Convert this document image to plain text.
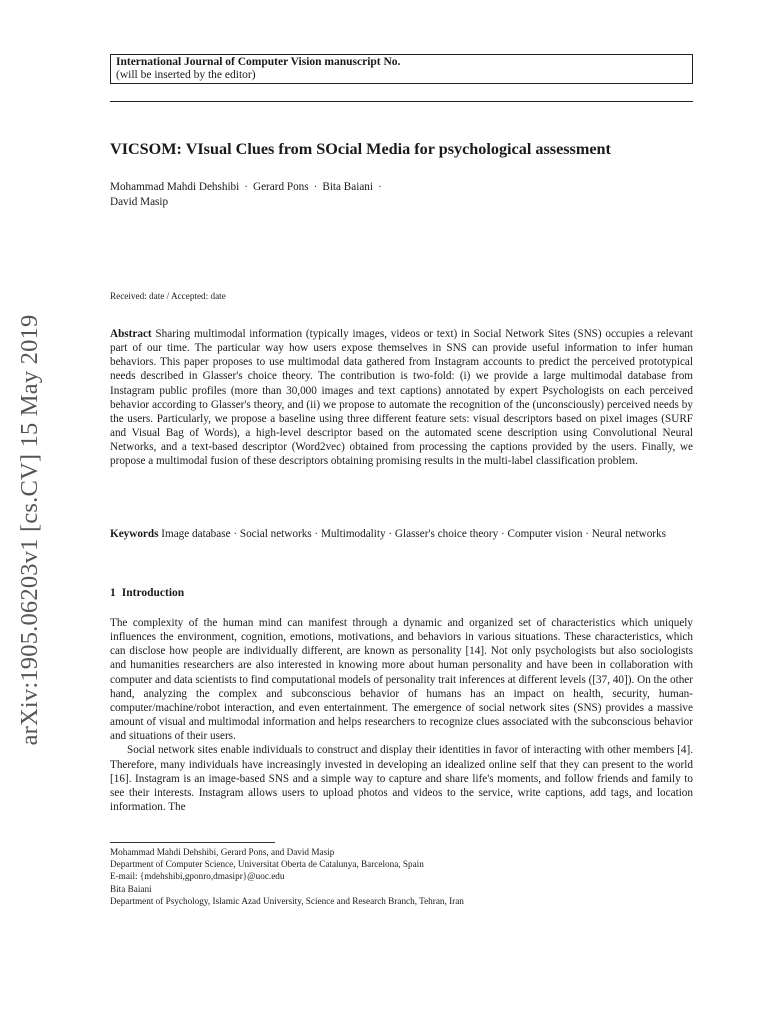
arXiv:1905.06203v1 [cs.CV] 15 May 2019
International Journal of Computer Vision manuscript No.
(will be inserted by the editor)
VICSOM: VIsual Clues from SOcial Media for psychological assessment
Mohammad Mahdi Dehshibi · Gerard Pons · Bita Baiani ·
David Masip
Received: date / Accepted: date
Abstract Sharing multimodal information (typically images, videos or text) in Social Network Sites (SNS) occupies a relevant part of our time. The particular way how users expose themselves in SNS can provide useful information to infer human behaviors. This paper proposes to use multimodal data gathered from Instagram accounts to predict the perceived prototypical needs described in Glasser's choice theory. The contribution is two-fold: (i) we provide a large multimodal database from Instagram public profiles (more than 30,000 images and text captions) annotated by expert Psychologists on each perceived behavior according to Glasser's theory, and (ii) we propose to automate the recognition of the (unconsciously) perceived needs by the users. Particularly, we propose a baseline using three different feature sets: visual descriptors based on pixel images (SURF and Visual Bag of Words), a high-level descriptor based on the automated scene description using Convolutional Neural Networks, and a text-based descriptor (Word2vec) obtained from processing the captions provided by the users. Finally, we propose a multimodal fusion of these descriptors obtaining promising results in the multi-label classification problem.
Keywords Image database · Social networks · Multimodality · Glasser's choice theory · Computer vision · Neural networks
1 Introduction

The complexity of the human mind can manifest through a dynamic and organized set of characteristics which uniquely influences the environment, cognition, emotions, motivations, and behaviors in various situations. These characteristics, which can disclose how people are individually different, are known as personality [14]. Not only psychologists but also sociologists and humanities researchers are also interested in knowing more about human personality and have been in collaboration with computer and data scientists to find computational models of personality trait inferences at different levels ([37, 40]). On the other hand, analyzing the complex and subconscious behavior of humans has an impact on health, security, human-computer/machine/robot interaction, and even entertainment. The emergence of social network sites (SNS) provides a massive amount of visual and multimodal information and helps researchers to recognize clues associated with the subconscious behavior and situations of their users.

Social network sites enable individuals to construct and display their identities in favor of interacting with other members [4]. Therefore, many individuals have increasingly invested in developing an idealized online self that they can present to the world [16]. Instagram is an image-based SNS and a simple way to capture and share life's moments, and follow friends and family to see their interests. Instagram allows users to upload photos and videos to the service, write captions, add tags, and location information. The

Mohammad Mahdi Dehshibi, Gerard Pons, and David Masip
Department of Computer Science, Universitat Oberta de Catalunya, Barcelona, Spain
E-mail: {mdehshibi,gponro,dmasipr}@uoc.edu
Bita Baiani
Department of Psychology, Islamic Azad University, Science and Research Branch, Tehran, Iran
